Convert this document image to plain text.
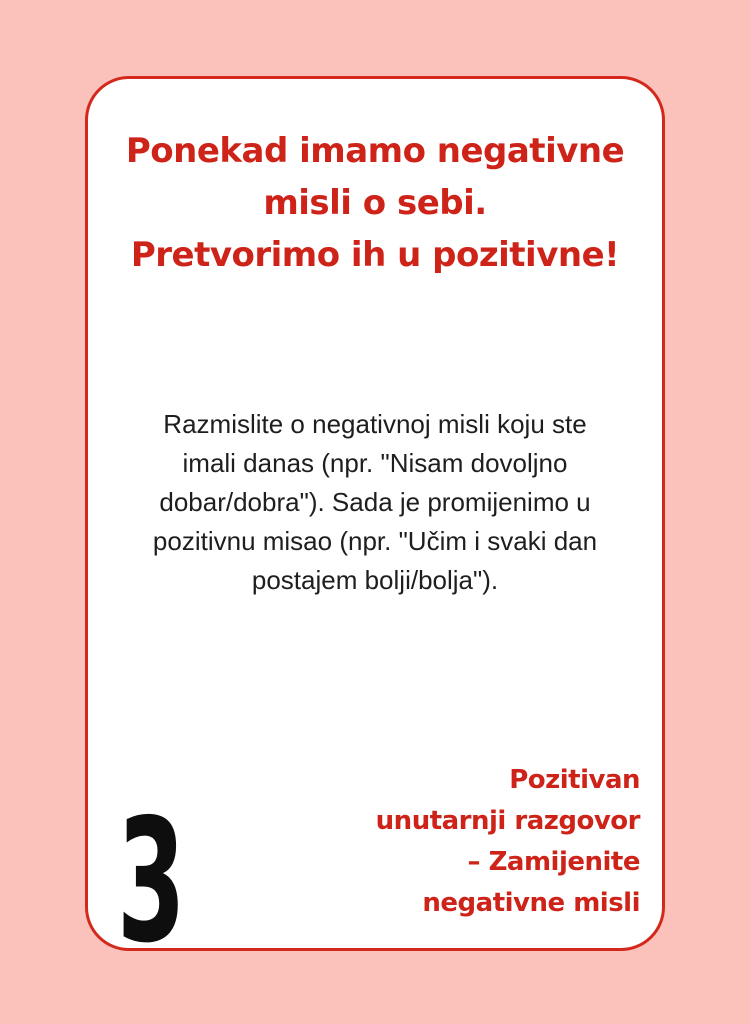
Ponekad imamo negativne
misli o sebi.
Pretvorimo ih u pozitivne!
Razmislite o negativnoj misli koju ste
imali danas (npr. "Nisam dovoljno
dobar/dobra"). Sada je promijenimo u
pozitivnu misao (npr. "Učim i svaki dan
postajem bolji/bolja").
3
Pozitivan
unutarnji razgovor
– Zamijenite
negativne misli
